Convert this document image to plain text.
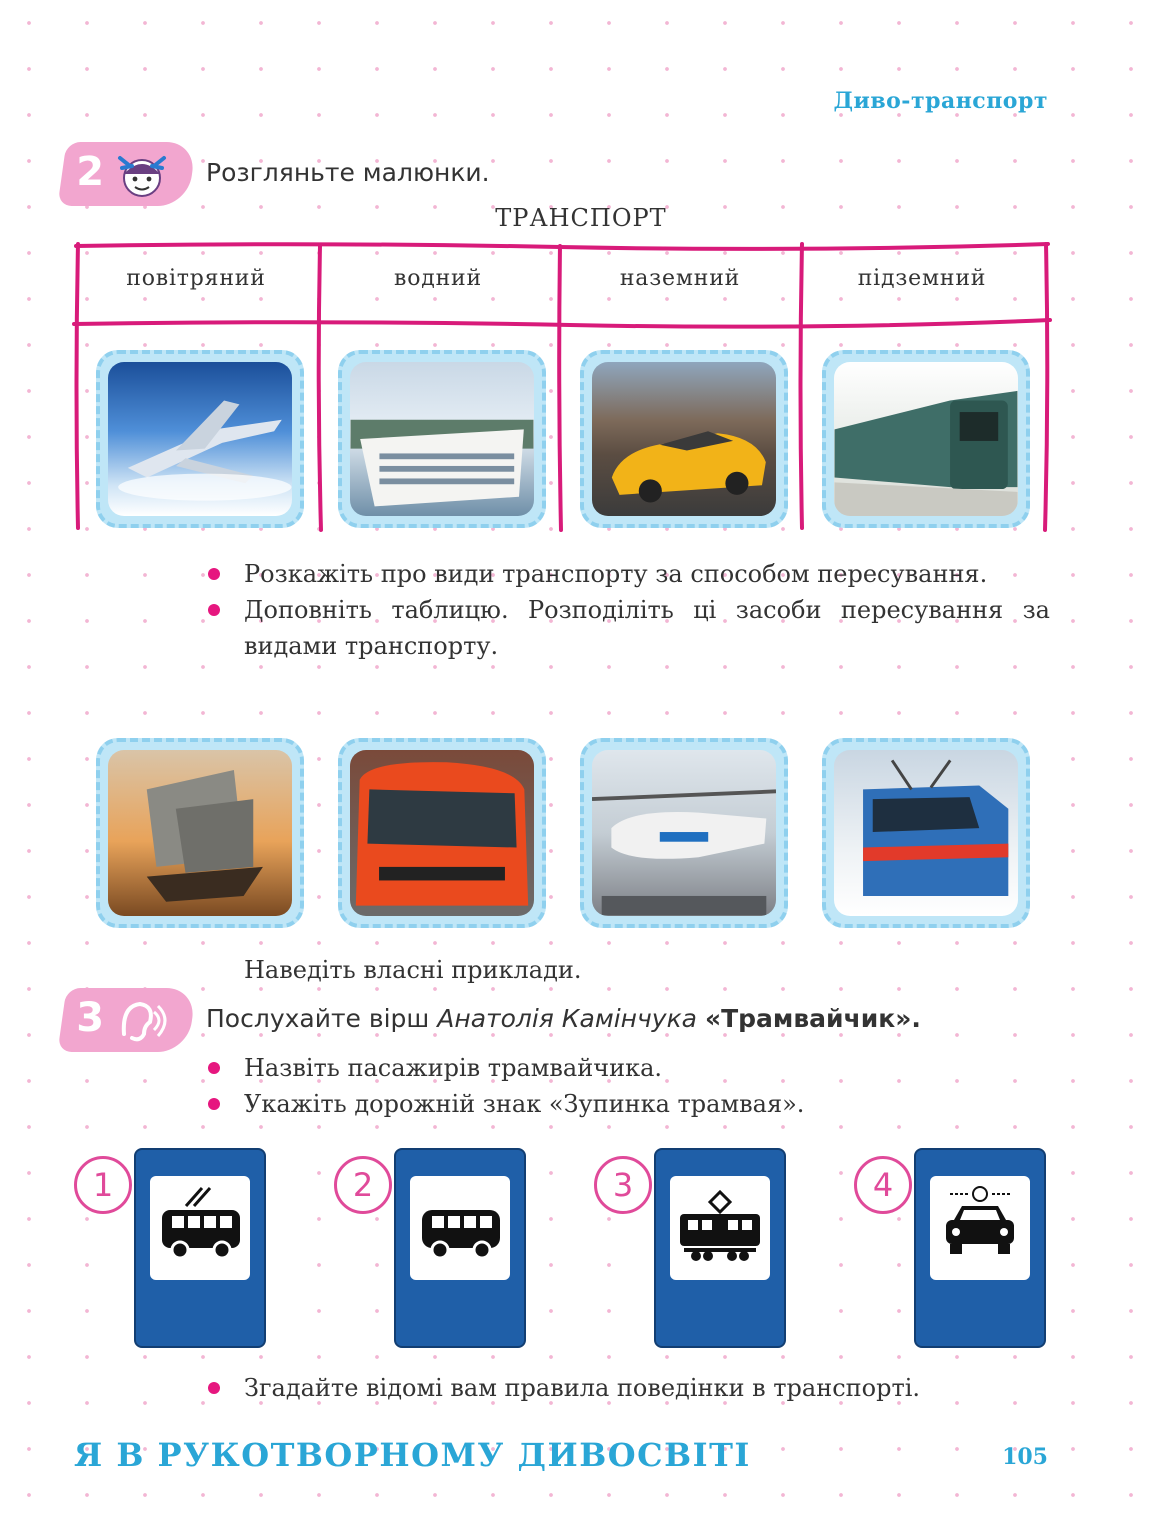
Диво-транспорт
2	Розгляньте малюнки.
ТРАНСПОРТ
повітряний	водний	наземний	підземний
Розкажіть про види транспорту за способом пересування.
Доповніть таблицю. Розподіліть ці засоби пересування за видами транспорту.
Наведіть власні приклади.
3	Послухайте вірш Анатолія Камінчука «Трамвайчик».
Назвіть пасажирів трамвайчика.
Укажіть дорожній знак «Зупинка трамвая».
1	2	3	4
Згадайте відомі вам правила поведінки в транспорті.
Я В РУКОТВОРНОМУ ДИВОСВІТІ	105
